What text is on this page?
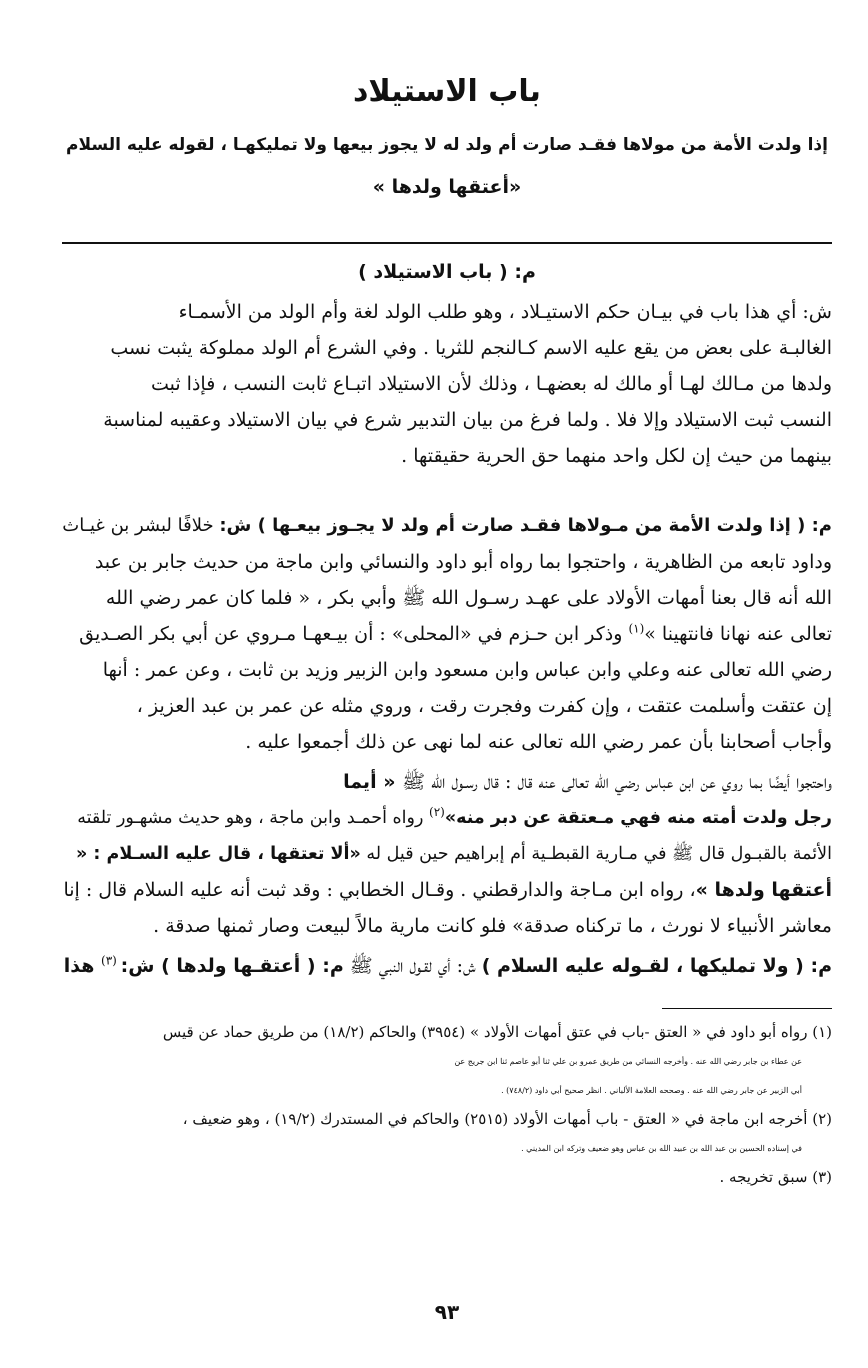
باب الاستيلاد
إذا ولدت الأمة من مولاها فقـد صارت أم ولد له لا يجوز بيعها ولا تمليكهـا ، لقوله عليه السلام
«أعتقها ولدها »
م: ( باب الاستيلاد )
ش: أي هذا باب في بيـان حكم الاستيـلاد ، وهو طلب الولد لغة وأم الولد من الأسمـاء
الغالبـة على بعض من يقع عليه الاسم كـالنجم للثريا . وفي الشرع أم الولد مملوكة يثبت نسب
ولدها من مـالك لهـا أو مالك له بعضهـا ، وذلك لأن الاستيلاد اتبـاع ثابت النسب ، فإذا ثبت
النسب ثبت الاستيلاد وإلا فلا . ولما فرغ من بيان التدبير شرع في بيان الاستيلاد وعقيبه لمناسبة
بينهما من حيث إن لكل واحد منهما حق الحرية حقيقتها .
م: ( إذا ولدت الأمة من مـولاها فقـد صارت أم ولد لا يجـوز بيعـها ) ش: خلافًا لبشر بن غيـاث
وداود تابعه من الظاهرية ، واحتجوا بما رواه أبو داود والنسائي وابن ماجة من حديث جابر بن عبد
الله أنه قال بعنا أمهات الأولاد على عهـد رسـول الله ﷺ وأبي بكر ، « فلما كان عمر رضي الله
تعالى عنه نهانا فانتهينا »$^{(١)}$ وذكر ابن حـزم في «المحلى» : أن بيـعهـا مـروي عن أبي بكر الصـديق
رضي الله تعالى عنه وعلي وابن عباس وابن مسعود وابن الزبير وزيد بن ثابت ، وعن عمر : أنها
إن عتقت وأسلمت عتقت ، وإن كفرت وفجرت رقت ، وروي مثله عن عمر بن عبد العزيز ،
وأجاب أصحابنا بأن عمر رضي الله تعالى عنه لما نهى عن ذلك أجمعوا عليه .
واحتجوا أيضًا بما روي عن ابن عباس رضي الله تعالى عنه قال : قال رسـول الله ﷺ « أيما
رجل ولدت أمته منه فهي مـعتقة عن دبر منه»$^{(٢)}$ رواه أحمـد وابن ماجة ، وهو حديث مشهـور تلقته
الأئمة بالقبـول قال ﷺ في مـارية القبطـية أم إبراهيم حين قيل له «ألا تعتقها ، قال عليه السـلام : «
أعتقها ولدها »، رواه ابن مـاجة والدارقطني . وقـال الخطابي : وقد ثبت أنه عليه السلام قال : إنا
معاشر الأنبياء لا نورث ، ما تركناه صدقة» فلو كانت مارية مالاً لبيعت وصار ثمنها صدقة .
م: ( ولا تمليكها ، لقـوله عليه السلام ) ش: أي لقـول النبي ﷺ م: ( أعتقـها ولدها ) ش: $^{(٣)}$ هذا
(١) رواه أبو داود في « العتق -باب في عتق أمهات الأولاد » (٣٩٥٤) والحاكم (١٨/٢) من طريق حماد عن قيس
عن عطاء بن جابر رضي الله عنه . وأخرجه النسائي من طريق عمرو بن علي ثنا أبو عاصم ثنا ابن جريج عن
أبي الزبير عن جابر رضي الله عنه . وصححه العلامة الألباني . انظر صحيح أبي داود (٧٤٨/٢) .
(٢) أخرجه ابن ماجة في « العتق - باب أمهات الأولاد (٢٥١٥) والحاكم في المستدرك (١٩/٢) ، وهو ضعيف ،
في إسناده الحسين بن عبد الله بن عبيد الله بن عباس وهو ضعيف وتركه ابن المديني .
(٣) سبق تخريجه .
٩٣
